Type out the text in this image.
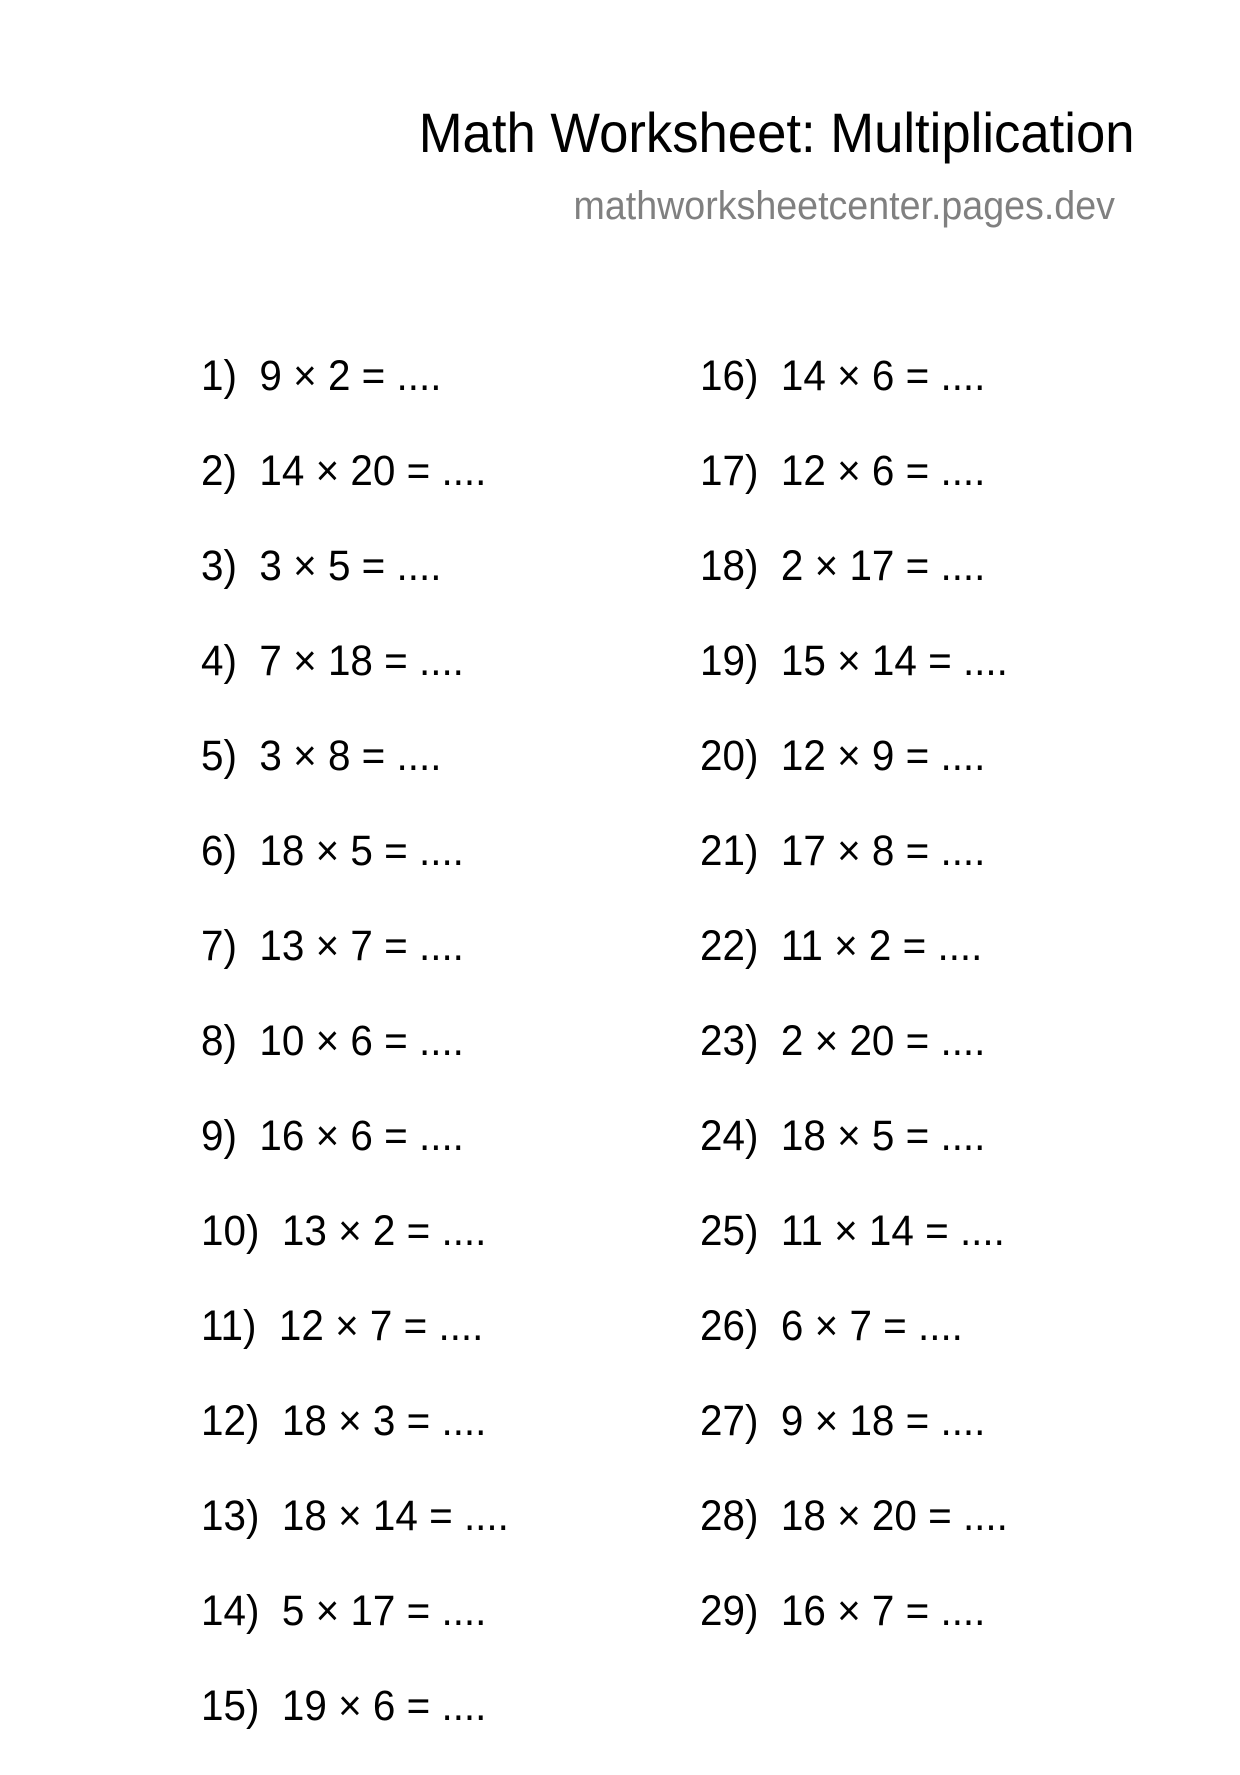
Math Worksheet: Multiplication
mathworksheetcenter.pages.dev
1) 9 × 2 = ....
2) 14 × 20 = ....
3) 3 × 5 = ....
4) 7 × 18 = ....
5) 3 × 8 = ....
6) 18 × 5 = ....
7) 13 × 7 = ....
8) 10 × 6 = ....
9) 16 × 6 = ....
10) 13 × 2 = ....
11) 12 × 7 = ....
12) 18 × 3 = ....
13) 18 × 14 = ....
14) 5 × 17 = ....
15) 19 × 6 = ....
16) 14 × 6 = ....
17) 12 × 6 = ....
18) 2 × 17 = ....
19) 15 × 14 = ....
20) 12 × 9 = ....
21) 17 × 8 = ....
22) 11 × 2 = ....
23) 2 × 20 = ....
24) 18 × 5 = ....
25) 11 × 14 = ....
26) 6 × 7 = ....
27) 9 × 18 = ....
28) 18 × 20 = ....
29) 16 × 7 = ....
